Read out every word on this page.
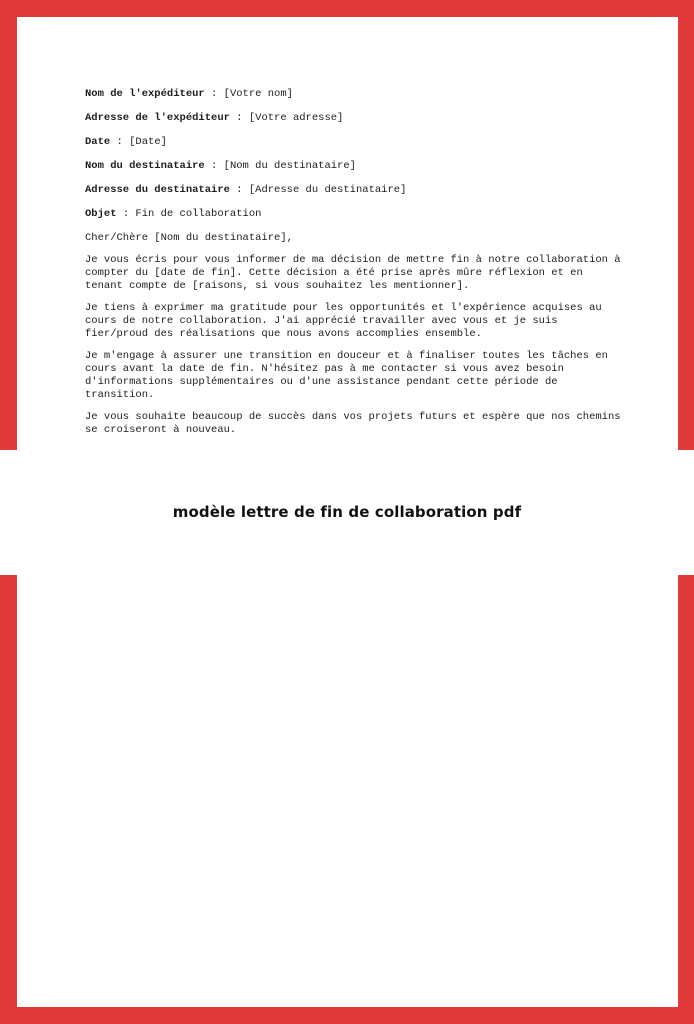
Nom de l'expéditeur : [Votre nom]
Adresse de l'expéditeur : [Votre adresse]
Date : [Date]
Nom du destinataire : [Nom du destinataire]
Adresse du destinataire : [Adresse du destinataire]
Objet : Fin de collaboration

Cher/Chère [Nom du destinataire],

Je vous écris pour vous informer de ma décision de mettre fin à notre collaboration à compter du [date de fin]. Cette décision a été prise après mûre réflexion et en tenant compte de [raisons, si vous souhaitez les mentionner].

Je tiens à exprimer ma gratitude pour les opportunités et l'expérience acquises au cours de notre collaboration. J'ai apprécié travailler avec vous et je suis fier/proud des réalisations que nous avons accomplies ensemble.

Je m'engage à assurer une transition en douceur et à finaliser toutes les tâches en cours avant la date de fin. N'hésitez pas à me contacter si vous avez besoin d'informations supplémentaires ou d'une assistance pendant cette période de transition.

Je vous souhaite beaucoup de succès dans vos projets futurs et espère que nos chemins se croiseront à nouveau.

modèle lettre de fin de collaboration pdf
